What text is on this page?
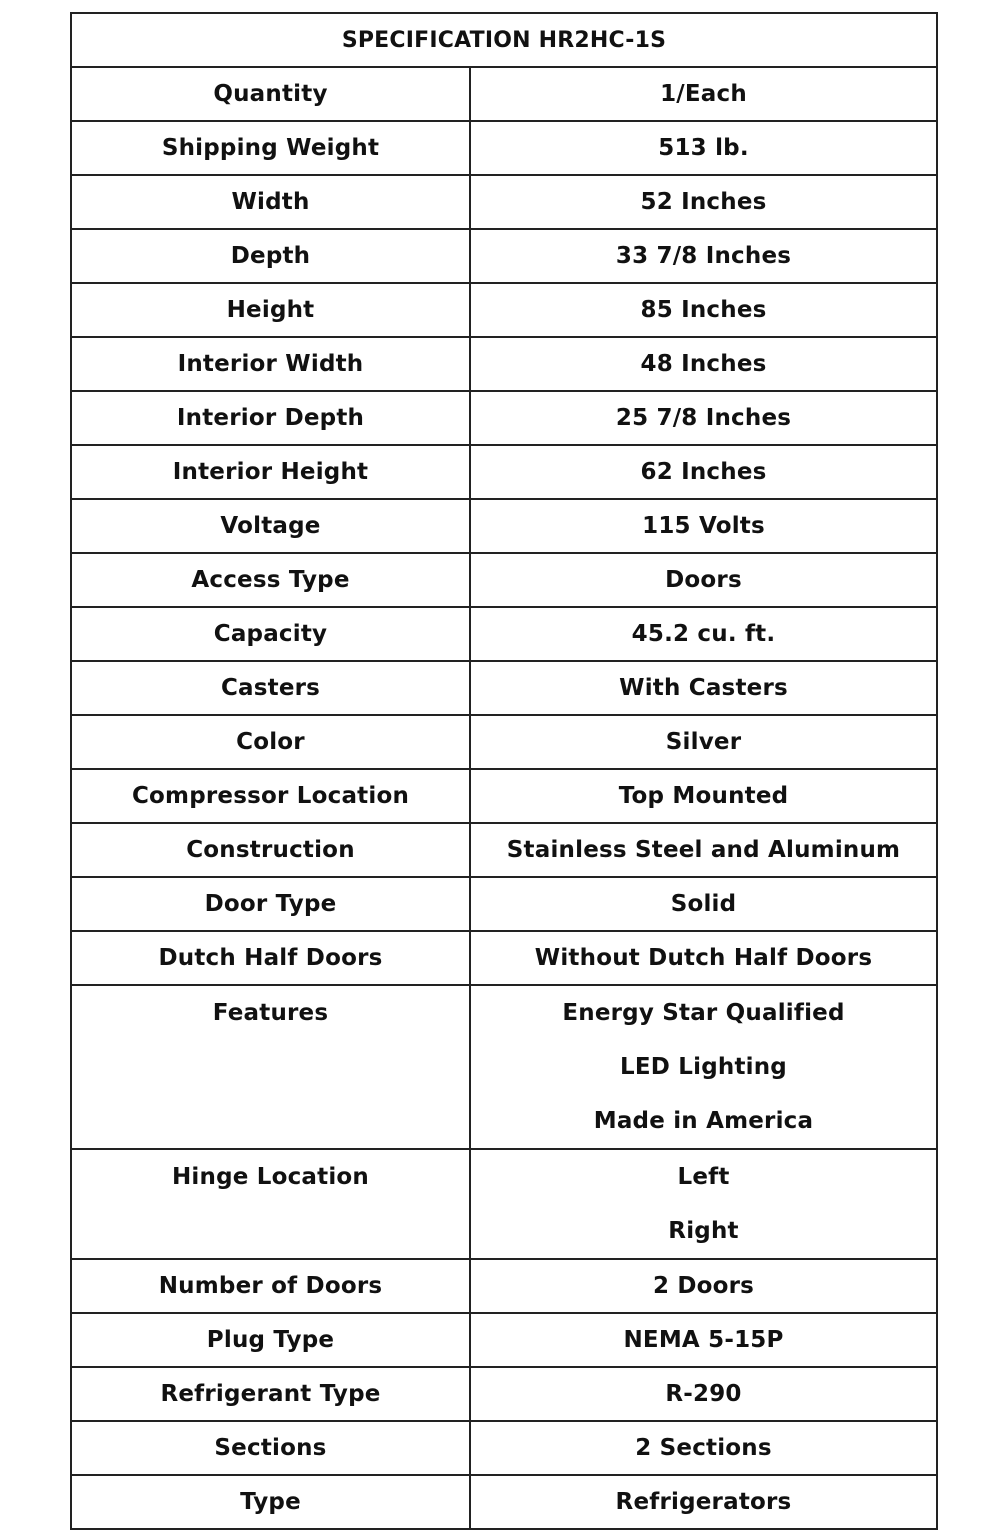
SPECIFICATION HR2HC-1S	
Quantity	1/Each
Shipping Weight	513 lb.
Width	52 Inches
Depth	33 7/8 Inches
Height	85 Inches
Interior Width	48 Inches
Interior Depth	25 7/8 Inches
Interior Height	62 Inches
Voltage	115 Volts
Access Type	Doors
Capacity	45.2 cu. ft.
Casters	With Casters
Color	Silver
Compressor Location	Top Mounted
Construction	Stainless Steel and Aluminum
Door Type	Solid
Dutch Half Doors	Without Dutch Half Doors
Features	Energy Star Qualified
LED Lighting
Made in America

Hinge Location	Left
Right

Number of Doors	2 Doors
Plug Type	NEMA 5-15P
Refrigerant Type	R-290
Sections	2 Sections
Type	Refrigerators
